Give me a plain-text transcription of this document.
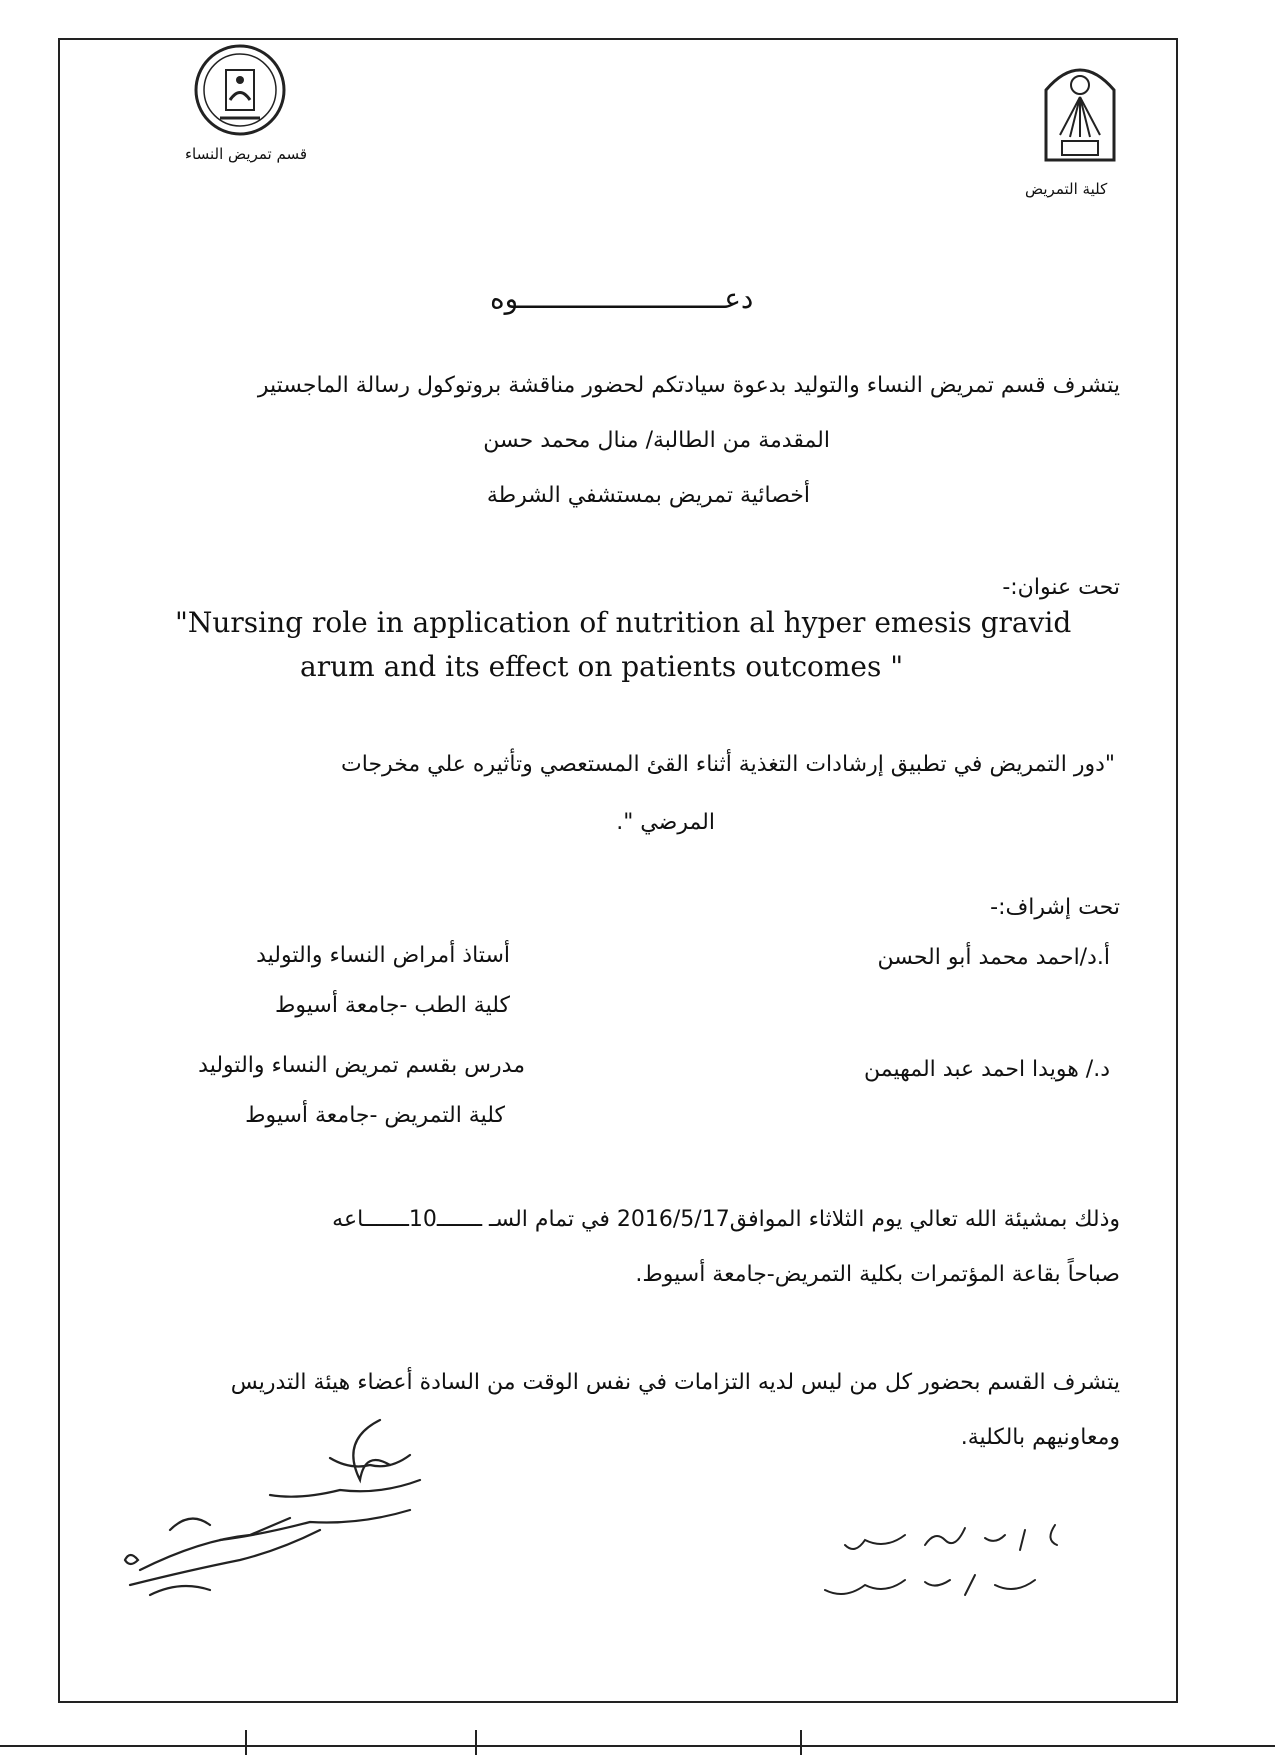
قسم تمريض النساء
كلية التمريض
دعـــــــــــــــــــــــــوه
يتشرف قسم تمريض النساء والتوليد بدعوة سيادتكم لحضور مناقشة بروتوكول رسالة الماجستير
المقدمة من الطالبة/ منال محمد حسن
أخصائية تمريض بمستشفي الشرطة
تحت عنوان:-
"Nursing role in application of nutrition al hyper emesis gravid
arum and its effect on patients outcomes "
"دور التمريض في تطبيق إرشادات التغذية أثناء القئ المستعصي وتأثيره علي مخرجات
المرضي ".
تحت إشراف:-
أ.د/احمد محمد أبو الحسن
أستاذ أمراض النساء والتوليد
كلية الطب -جامعة أسيوط
د./ هويدا احمد عبد المهيمن
مدرس بقسم تمريض النساء والتوليد
كلية التمريض -جامعة أسيوط
وذلك بمشيئة الله تعالي يوم الثلاثاء الموافق2016/5/17 في تمام السـ ـــــــ10ـــــــاعه
صباحاً بقاعة المؤتمرات بكلية التمريض-جامعة أسيوط.
يتشرف القسم بحضور كل من ليس لديه التزامات في نفس الوقت من السادة أعضاء هيئة التدريس
ومعاونيهم بالكلية.
